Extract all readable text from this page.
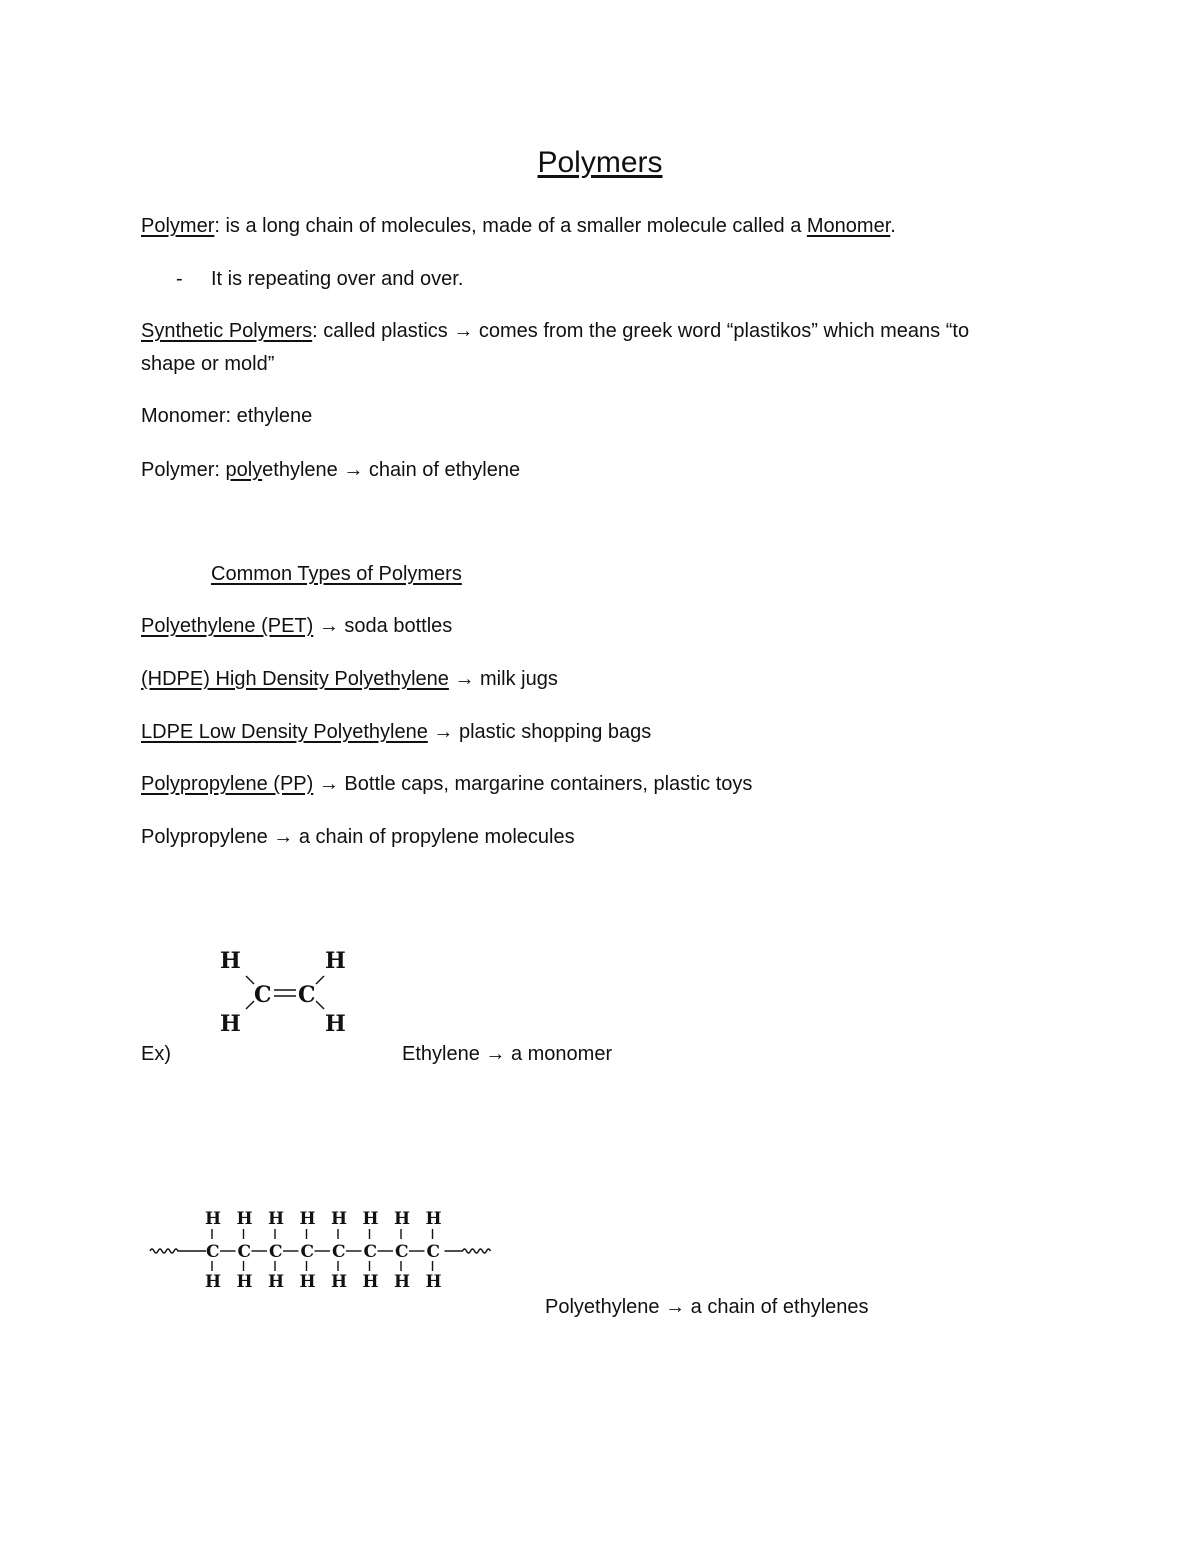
Polymers
Polymer: is a long chain of molecules, made of a smaller molecule called a Monomer.
- It is repeating over and over.
Synthetic Polymers: called plastics → comes from the greek word “plastikos” which means “to
shape or mold”
Monomer: ethylene
Polymer: polyethylene → chain of ethylene
Common Types of Polymers
Polyethylene (PET) → soda bottles
(HDPE) High Density Polyethylene → milk jugs
LDPE Low Density Polyethylene → plastic shopping bags
Polypropylene (PP) → Bottle caps, margarine containers, plastic toys
Polypropylene → a chain of propylene molecules
H	H
H	H
C C
Ex)	Ethylene → a monomer
H
H
C
H
H
C
H
H
C
H
H
C
H
H
C
H
H
C
H
H
C
H
H
C
Polyethylene → a chain of ethylenes
